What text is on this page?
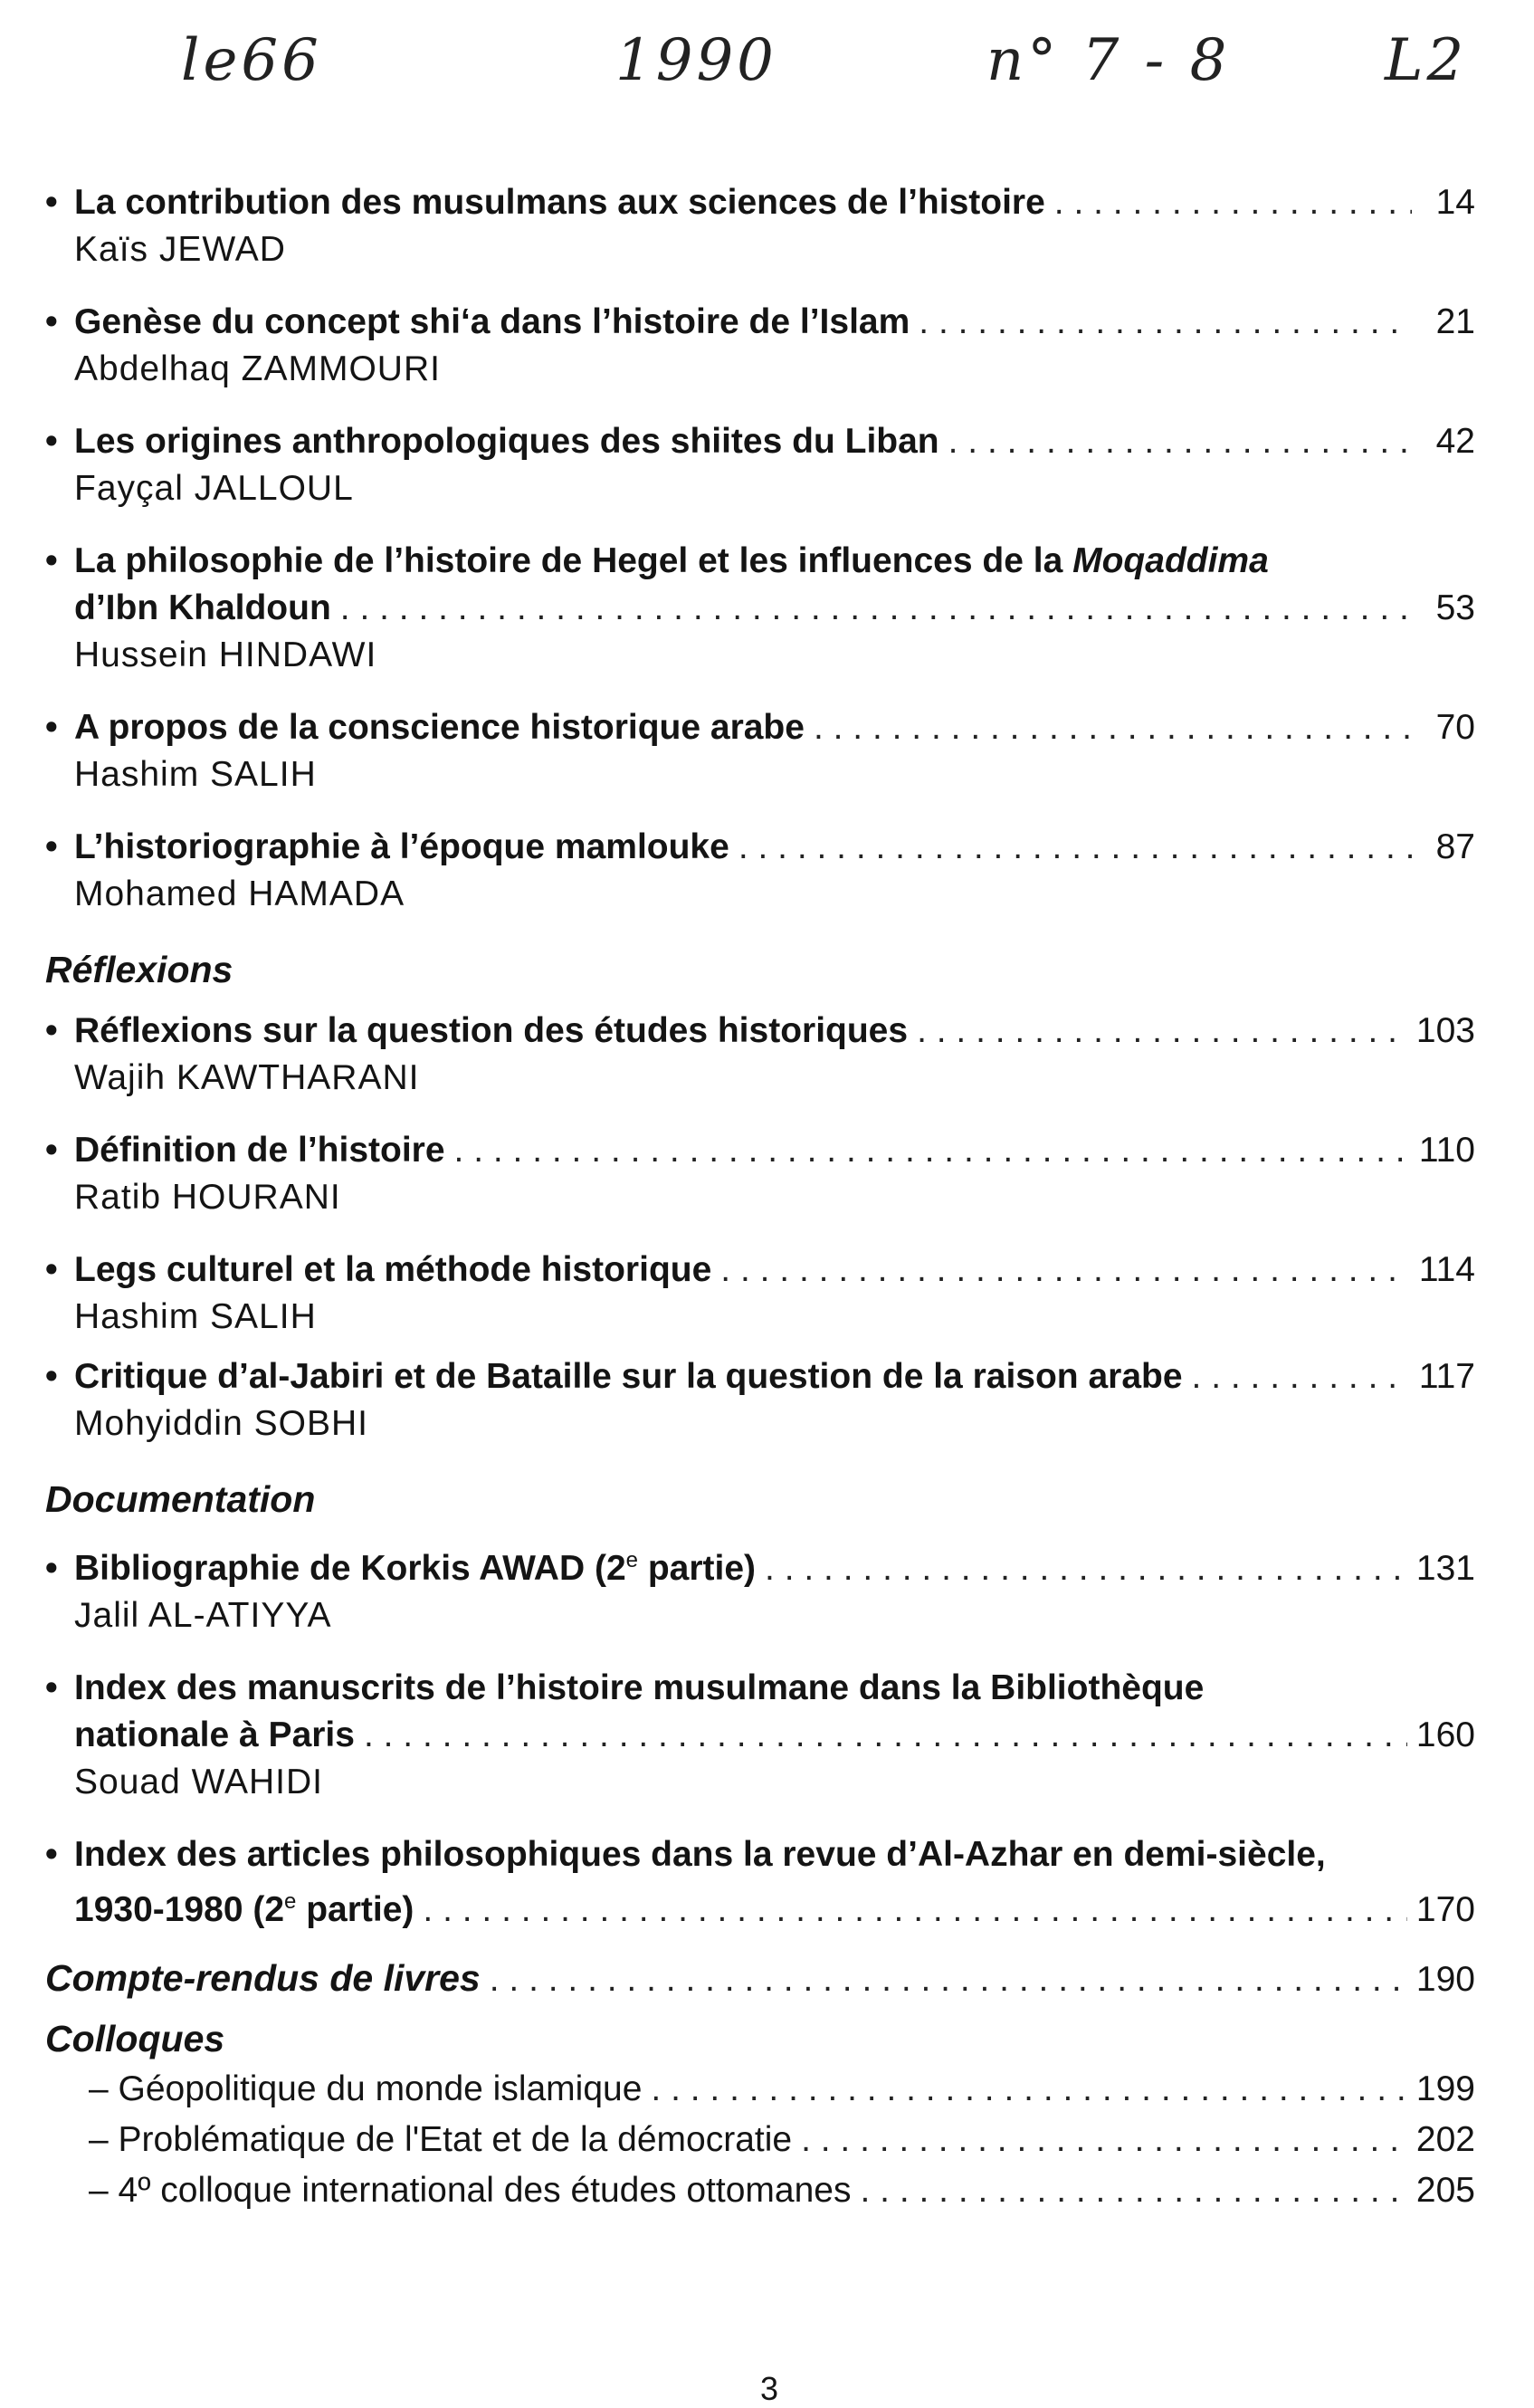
le66	1990	n° 7 - 8	L2
• La contribution des musulmans aux sciences de l’histoire . . .	14
Kaïs JEWAD
• Genèse du concept shi‘a dans l’histoire de l’Islam . . .	21
Abdelhaq ZAMMOURI
• Les origines anthropologiques des shiites du Liban . . .	42
Fayçal JALLOUL
• La philosophie de l’histoire de Hegel et les influences de la Moqaddima
d’Ibn Khaldoun . . .	53
Hussein HINDAWI
• A propos de la conscience historique arabe . . .	70
Hashim SALIH
• L’historiographie à l’époque mamlouke . . .	87
Mohamed HAMADA
Réflexions
• Réflexions sur la question des études historiques . . .	103
Wajih KAWTHARANI
• Définition de l’histoire . . .	110
Ratib HOURANI
• Legs culturel et la méthode historique . . .	114
Hashim SALIH
• Critique d’al-Jabiri et de Bataille sur la question de la raison arabe . . .	117
Mohyiddin SOBHI
Documentation
• Bibliographie de Korkis AWAD (2e partie) . . .	131
Jalil AL-ATIYYA
• Index des manuscrits de l’histoire musulmane dans la Bibliothèque
nationale à Paris . . .	160
Souad WAHIDI
• Index des articles philosophiques dans la revue d’Al-Azhar en demi-siècle,
1930-1980 (2e partie) . . .	170
Compte-rendus de livres . . .	190
Colloques
– Géopolitique du monde islamique . . .	199
– Problématique de l'Etat et de la démocratie . . .	202
– 4º colloque international des études ottomanes . . .	205
3
